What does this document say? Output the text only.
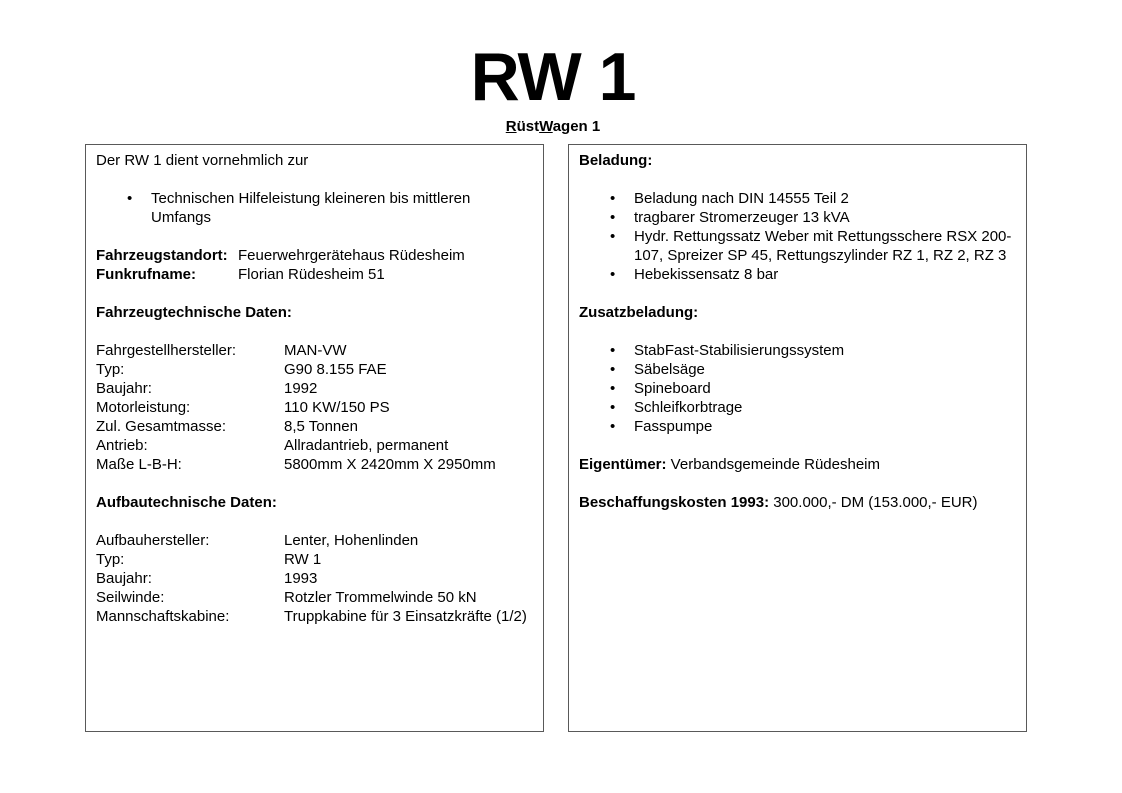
RW 1
RüstWagen 1

Der RW 1 dient vornehmlich zur

• Technischen Hilfeleistung kleineren bis mittleren Umfangs
Fahrzeugstandort: Feuerwehrgerätehaus Rüdesheim
Funkrufname:	Florian Rüdesheim 51

Fahrzeugtechnische Daten:

Fahrgestellhersteller:	MAN-VW
Typ:	G90 8.155 FAE
Baujahr:	1992
Motorleistung:	110 KW/150 PS
Zul. Gesamtmasse:	8,5 Tonnen
Antrieb:	Allradantrieb, permanent
Maße L-B-H:	5800mm X 2420mm X 2950mm

Aufbautechnische Daten:

Aufbauhersteller:	Lenter, Hohenlinden
Typ:	RW 1
Baujahr:	1993
Seilwinde:	Rotzler Trommelwinde 50 kN
Mannschaftskabine:	Truppkabine für 3 Einsatzkräfte (1/2)

Beladung:

• Beladung nach DIN 14555 Teil 2
• tragbarer Stromerzeuger 13 kVA
• Hydr. Rettungssatz Weber mit Rettungsschere RSX 200-107, Spreizer SP 45, Rettungszylinder RZ 1, RZ 2, RZ 3
• Hebekissensatz 8 bar

Zusatzbeladung:

• StabFast-Stabilisierungssystem
• Säbelsäge
• Spineboard
• Schleifkorbtrage
• Fasspumpe

Eigentümer: Verbandsgemeinde Rüdesheim

Beschaffungskosten 1993: 300.000,- DM (153.000,- EUR)
